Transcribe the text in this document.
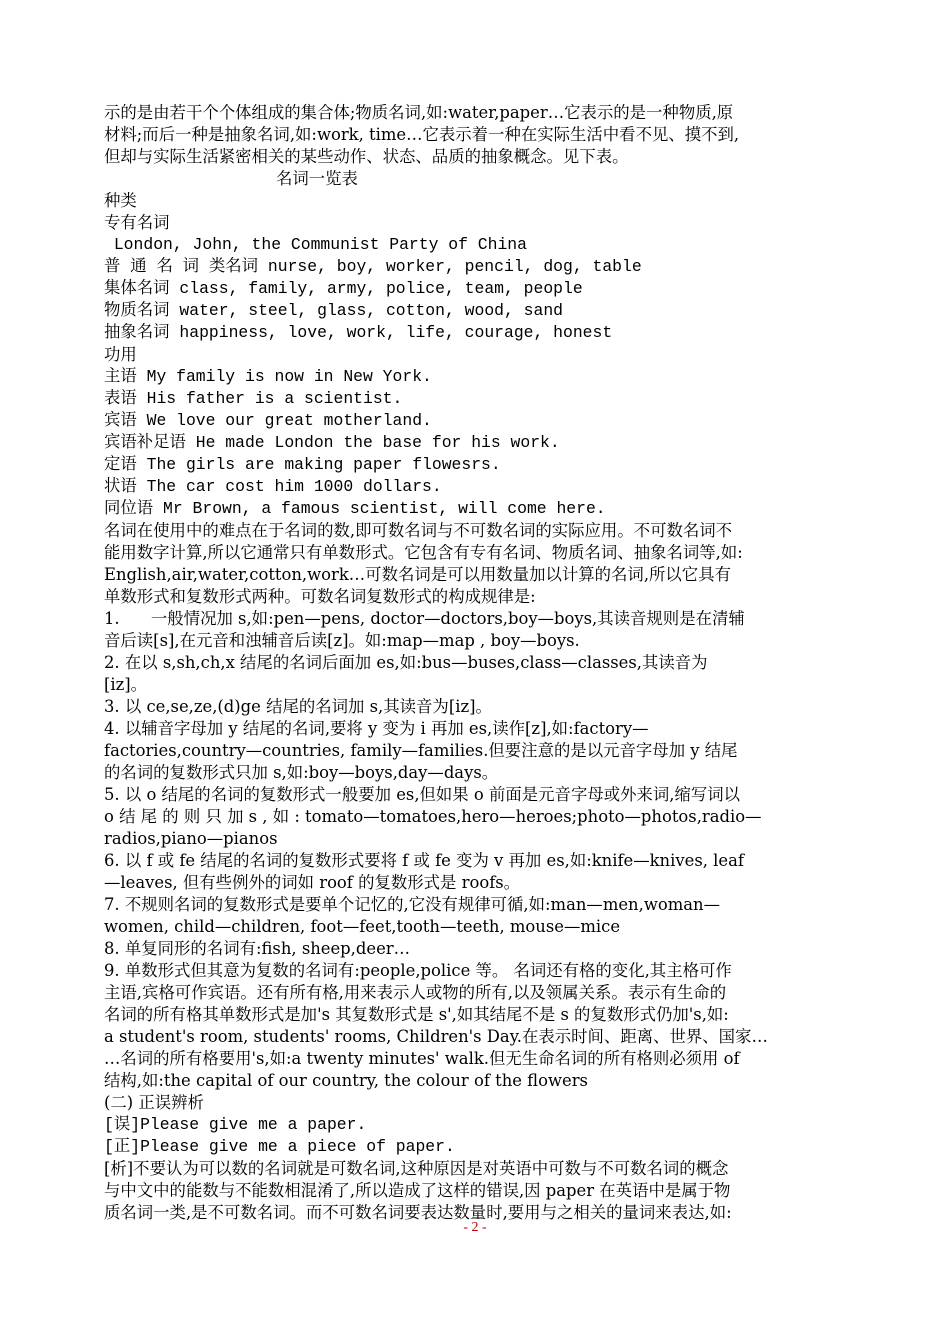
示的是由若干个个体组成的集合体;物质名词,如:water,paper…它表示的是一种物质,原

材料;而后一种是抽象名词,如:work, time…它表示着一种在实际生活中看不见、摸不到,

但却与实际生活紧密相关的某些动作、状态、品质的抽象概念。见下表。

名词一览表

种类

专有名词

London, John, the Communist Party of China

普 通 名 词 类名词 nurse, boy, worker, pencil, dog, table

集体名词 class, family, army, police, team, people

物质名词 water, steel, glass, cotton, wood, sand

抽象名词 happiness, love, work, life, courage, honest

功用

主语 My family is now in New York.

表语 His father is a scientist.

宾语 We love our great motherland.

宾语补足语 He made London the base for his work.

定语 The girls are making paper flowesrs.

状语 The car cost him 1000 dollars.

同位语 Mr Brown, a famous scientist, will come here.

名词在使用中的难点在于名词的数,即可数名词与不可数名词的实际应用。不可数名词不

能用数字计算,所以它通常只有单数形式。它包含有专有名词、物质名词、抽象名词等,如:

English,air,water,cotton,work…可数名词是可以用数量加以计算的名词,所以它具有

单数形式和复数形式两种。可数名词复数形式的构成规律是:

1.      一般情况加 s,如:pen—pens, doctor—doctors,boy—boys,其读音规则是在清辅

音后读[s],在元音和浊辅音后读[z]。如:map—map , boy—boys.

2. 在以 s,sh,ch,x 结尾的名词后面加 es,如:bus—buses,class—classes,其读音为

[iz]。

3. 以 ce,se,ze,(d)ge 结尾的名词加 s,其读音为[iz]。

4. 以辅音字母加 y 结尾的名词,要将 y 变为 i 再加 es,读作[z],如:factory—

factories,country—countries, family—families.但要注意的是以元音字母加 y 结尾

的名词的复数形式只加 s,如:boy—boys,day—days。

5. 以 o 结尾的名词的复数形式一般要加 es,但如果 o 前面是元音字母或外来词,缩写词以

o 结 尾 的 则 只 加 s , 如 : tomato—tomatoes,hero—heroes;photo—photos,radio—

radios,piano—pianos

6. 以 f 或 fe 结尾的名词的复数形式要将 f 或 fe 变为 v 再加 es,如:knife—knives, leaf

—leaves, 但有些例外的词如 roof 的复数形式是 roofs。

7. 不规则名词的复数形式是要单个记忆的,它没有规律可循,如:man—men,woman—

women, child—children, foot—feet,tooth—teeth, mouse—mice

8. 单复同形的名词有:fish, sheep,deer…

9. 单数形式但其意为复数的名词有:people,police 等。 名词还有格的变化,其主格可作

主语,宾格可作宾语。还有所有格,用来表示人或物的所有,以及领属关系。表示有生命的

名词的所有格其单数形式是加's 其复数形式是 s',如其结尾不是 s 的复数形式仍加's,如:

a student's room, students' rooms, Children's Day.在表示时间、距离、世界、国家…

…名词的所有格要用's,如:a twenty minutes' walk.但无生命名词的所有格则必须用 of

结构,如:the capital of our country, the colour of the flowers

(二) 正误辨析

[误]Please give me a paper.

[正]Please give me a piece of paper.

[析]不要认为可以数的名词就是可数名词,这种原因是对英语中可数与不可数名词的概念

与中文中的能数与不能数相混淆了,所以造成了这样的错误,因 paper 在英语中是属于物

质名词一类,是不可数名词。而不可数名词要表达数量时,要用与之相关的量词来表达,如:

- 2 -
